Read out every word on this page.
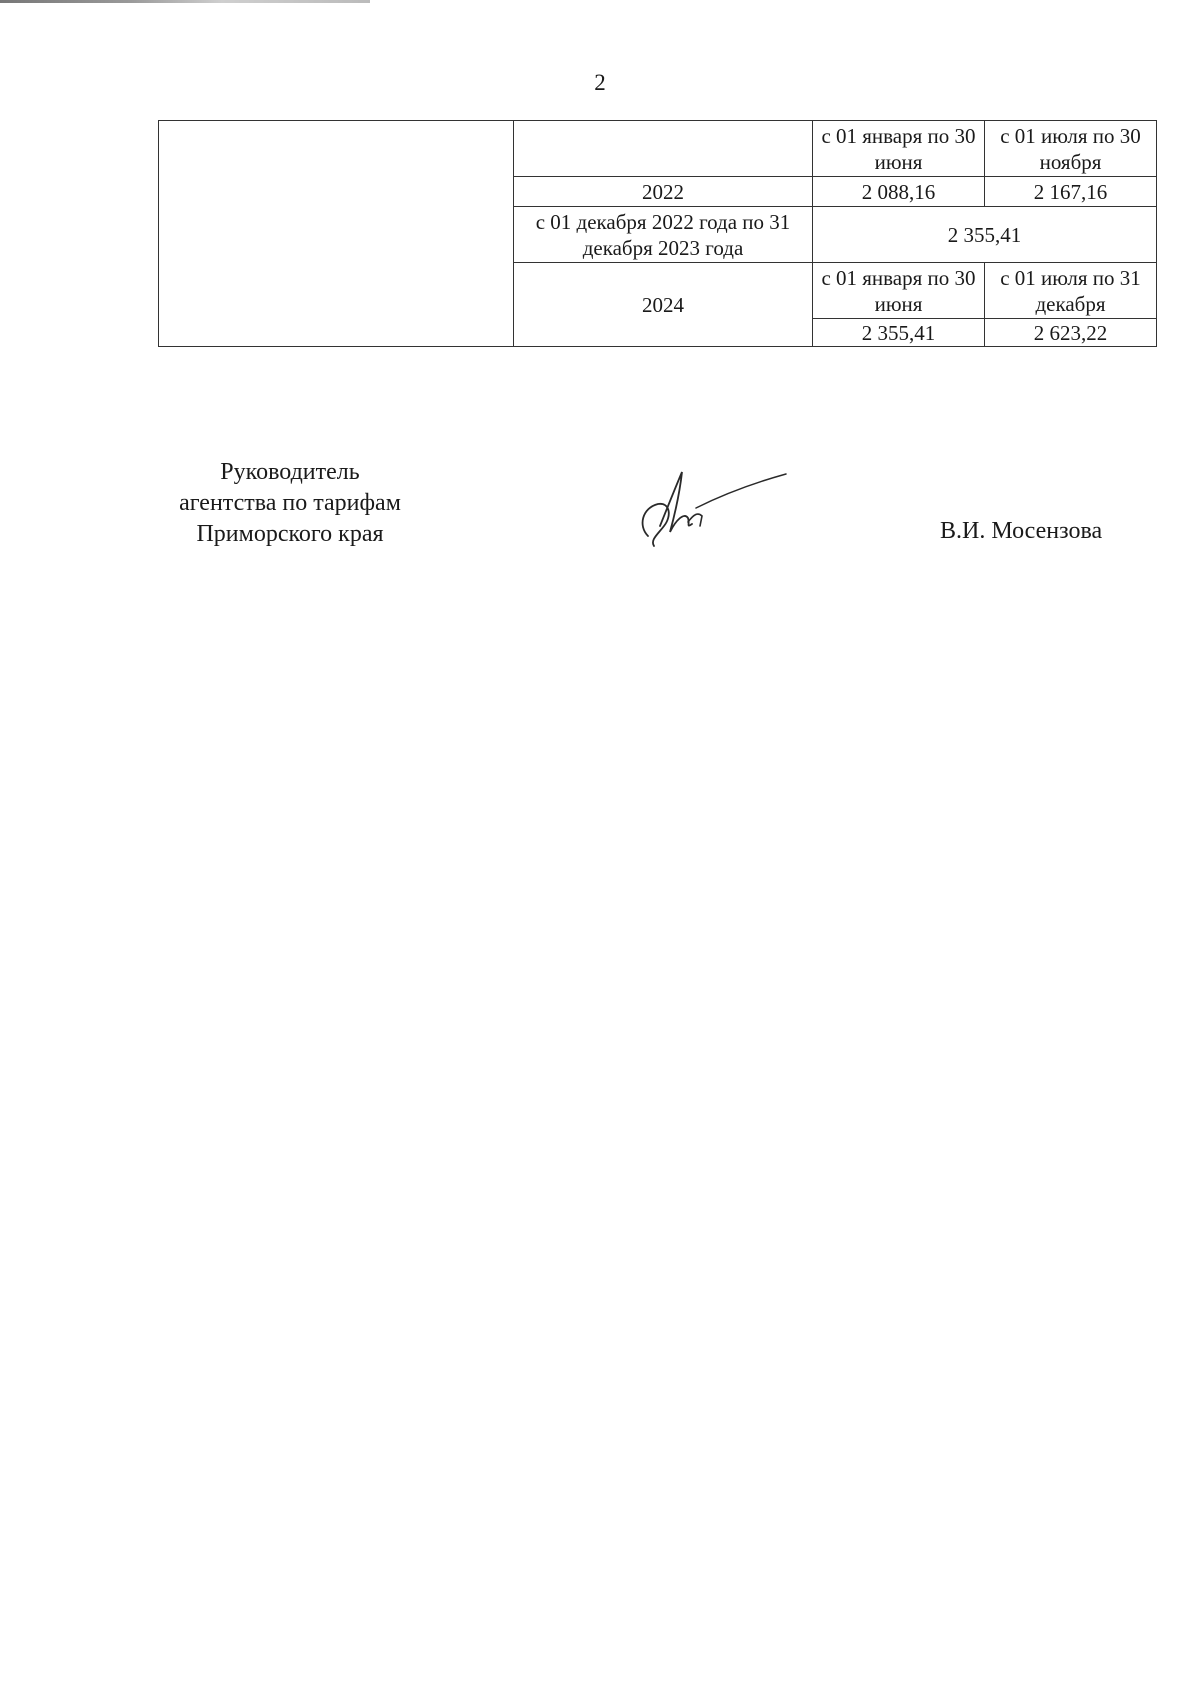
2
		с 01 января по 30 июня	с 01 июля по 30 ноября
	2022	2 088,16	2 167,16
	с 01 декабря 2022 года по 31 декабря 2023 года	2 355,41	
	2024	с 01 января по 30 июня	с 01 июля по 31 декабря
		2 355,41	2 623,22
Руководитель
агентства по тарифам
Приморского края	В.И. Мосензова
